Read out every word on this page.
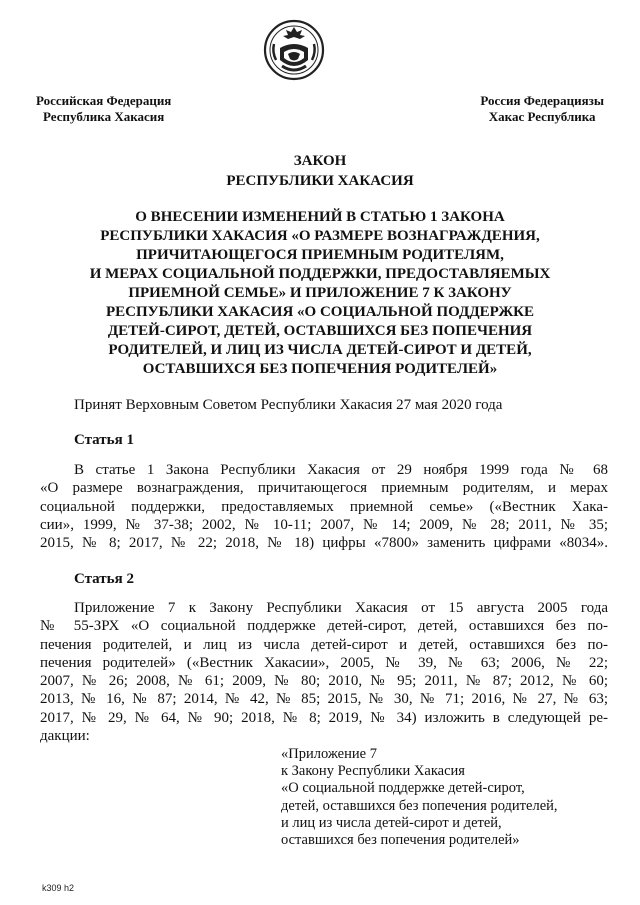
Российская Федерация
Республика Хакасия
Россия Федерациязы
Хакас Республика
ЗАКОН
РЕСПУБЛИКИ ХАКАСИЯ
О ВНЕСЕНИИ ИЗМЕНЕНИЙ В СТАТЬЮ 1 ЗАКОНА
РЕСПУБЛИКИ ХАКАСИЯ «О РАЗМЕРЕ ВОЗНАГРАЖДЕНИЯ,
ПРИЧИТАЮЩЕГОСЯ ПРИЕМНЫМ РОДИТЕЛЯМ,
И МЕРАХ СОЦИАЛЬНОЙ ПОДДЕРЖКИ, ПРЕДОСТАВЛЯЕМЫХ
ПРИЕМНОЙ СЕМЬЕ» И ПРИЛОЖЕНИЕ 7 К ЗАКОНУ
РЕСПУБЛИКИ ХАКАСИЯ «О СОЦИАЛЬНОЙ ПОДДЕРЖКЕ
ДЕТЕЙ-СИРОТ, ДЕТЕЙ, ОСТАВШИХСЯ БЕЗ ПОПЕЧЕНИЯ
РОДИТЕЛЕЙ, И ЛИЦ ИЗ ЧИСЛА ДЕТЕЙ-СИРОТ И ДЕТЕЙ,
ОСТАВШИХСЯ БЕЗ ПОПЕЧЕНИЯ РОДИТЕЛЕЙ»
Принят Верховным Советом Республики Хакасия 27 мая 2020 года
Статья 1
В статье 1 Закона Республики Хакасия от 29 ноября 1999 года № 68
«О размере вознаграждения, причитающегося приемным родителям, и мерах
социальной поддержки, предоставляемых приемной семье» («Вестник Хака-
сии», 1999, № 37-38; 2002, № 10-11; 2007, № 14; 2009, № 28; 2011, № 35;
2015, № 8; 2017, № 22; 2018, № 18) цифры «7800» заменить цифрами «8034».
Статья 2
Приложение 7 к Закону Республики Хакасия от 15 августа 2005 года
№ 55-ЗРХ «О социальной поддержке детей-сирот, детей, оставшихся без по-
печения родителей, и лиц из числа детей-сирот и детей, оставшихся без по-
печения родителей» («Вестник Хакасии», 2005, № 39, № 63; 2006, № 22;
2007, № 26; 2008, № 61; 2009, № 80; 2010, № 95; 2011, № 87; 2012, № 60;
2013, № 16, № 87; 2014, № 42, № 85; 2015, № 30, № 71; 2016, № 27, № 63;
2017, № 29, № 64, № 90; 2018, № 8; 2019, № 34) изложить в следующей ре-
дакции:
«Приложение 7
к Закону Республики Хакасия
«О социальной поддержке детей-сирот,
детей, оставшихся без попечения родителей,
и лиц из числа детей-сирот и детей,
оставшихся без попечения родителей»
k309 h2
